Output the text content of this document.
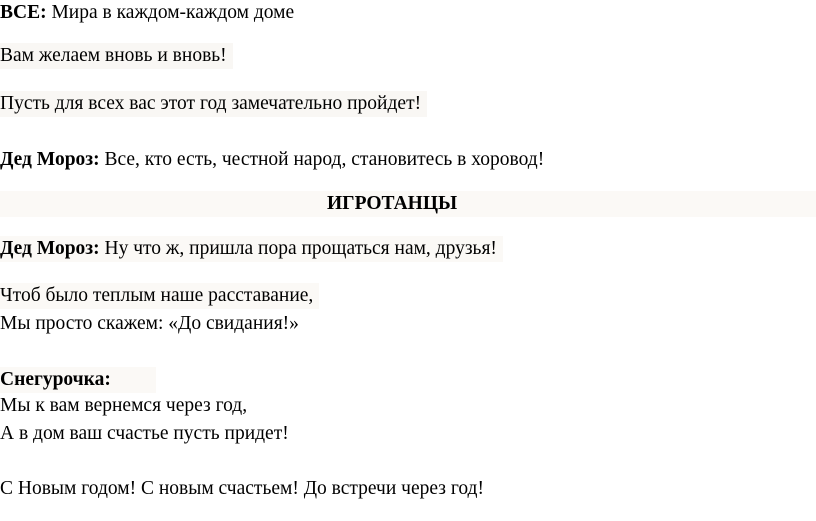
ВСЕ: Мира в каждом-каждом доме
Вам желаем вновь и вновь!
Пусть для всех вас этот год замечательно пройдет!
Дед Мороз: Все, кто есть, честной народ, становитесь в хоровод!
ИГРОТАНЦЫ
Дед Мороз: Ну что ж, пришла пора прощаться нам, друзья!
Чтоб было теплым наше расставание,
Мы просто скажем: «До свидания!»
Снегурочка:
Мы к вам вернемся через год,
А в дом ваш счастье пусть придет!
С Новым годом! С новым счастьем! До встречи через год!
